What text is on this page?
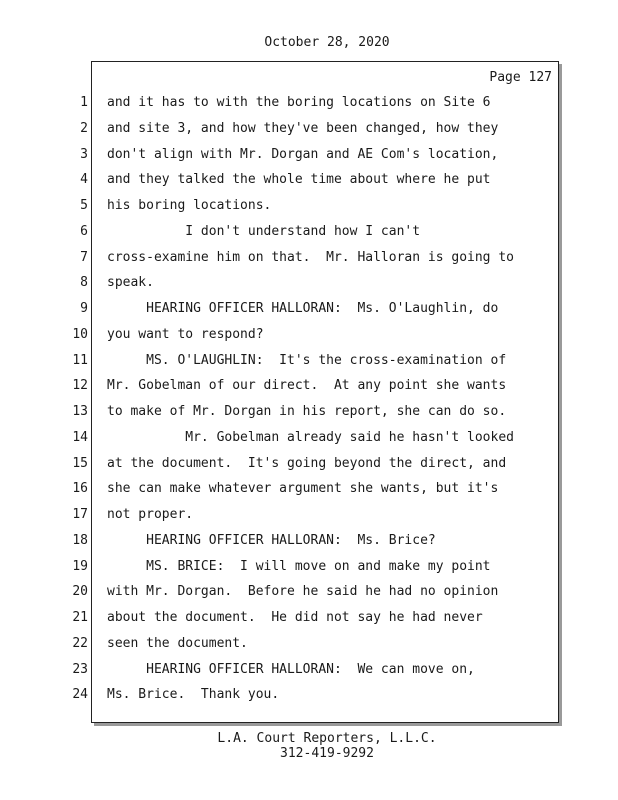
October 28, 2020
Page 127
1
2
3
4
5
6
7
8
9
10
11
12
13
14
15
16
17
18
19
20
21
22
23
24
and it has to with the boring locations on Site 6
and site 3, and how they've been changed, how they
don't align with Mr. Dorgan and AE Com's location,
and they talked the whole time about where he put
his boring locations.
I don't understand how I can't
cross-examine him on that.  Mr. Halloran is going to
speak.
HEARING OFFICER HALLORAN:  Ms. O'Laughlin, do
you want to respond?
MS. O'LAUGHLIN:  It's the cross-examination of
Mr. Gobelman of our direct.  At any point she wants
to make of Mr. Dorgan in his report, she can do so.
Mr. Gobelman already said he hasn't looked
at the document.  It's going beyond the direct, and
she can make whatever argument she wants, but it's
not proper.
HEARING OFFICER HALLORAN:  Ms. Brice?
MS. BRICE:  I will move on and make my point
with Mr. Dorgan.  Before he said he had no opinion
about the document.  He did not say he had never
seen the document.
HEARING OFFICER HALLORAN:  We can move on,
Ms. Brice.  Thank you.
L.A. Court Reporters, L.L.C.
312-419-9292
